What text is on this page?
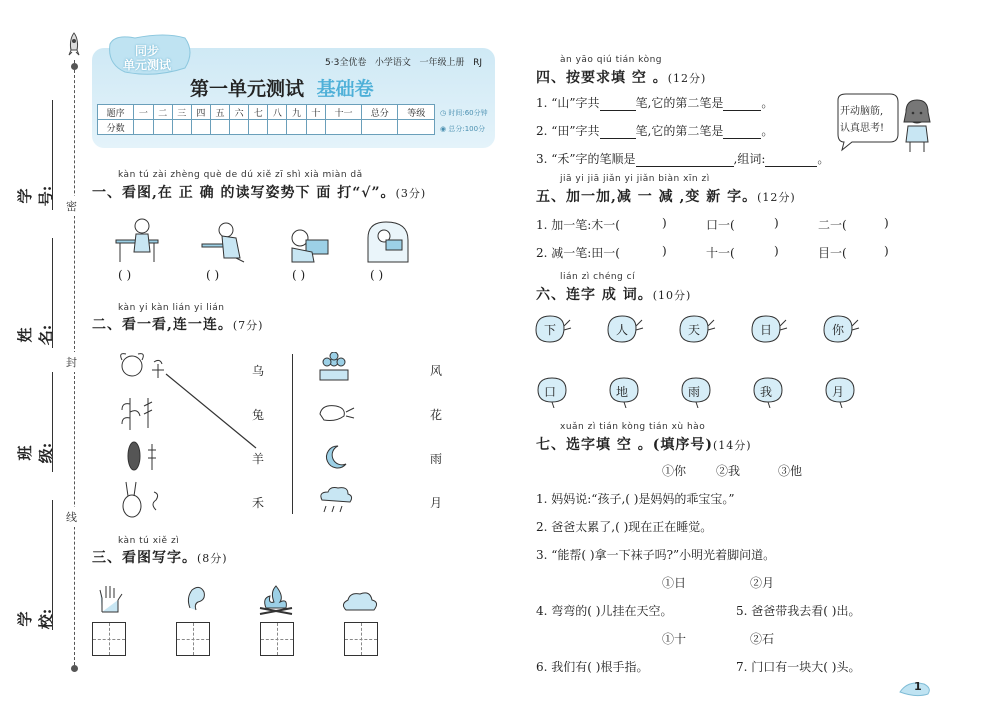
密
封
线
学号:
姓名:
班级:
学校:
同步
单元测试	5·3全优卷 小学语文 一年级上册 RJ
第一单元测试 基础卷
题序	一	二	三	四	五	六	七	八	九	十	十一	总分	等级
分数													
◷ 时间:60分钟
◉ 总分:100分
kàn tú zài zhèng què de dú xiě zī shì xià miàn dǎ
一、看图,在 正 确 的读写姿势下 面 打“√”。(3分)
( )	( )	( )	( )
kàn yi kàn lián yi lián
二、看一看,连一连。(7分)
乌
兔
羊
禾
风
花
雨
月
kàn tú xiě zì
三、看图写字。(8分)
àn yāo qiú tián kòng
四、按要求填 空 。(12分)
1. “山”字共	笔,它的第二笔是	。
2. “田”字共	笔,它的第二笔是	。
3. “禾”字的笔顺是	,组词:	。
开动脑筋,
认真思考!
jiā yi jiā jiǎn yi jiǎn biàn xīn zì
五、加一加,减 一 减 ,变 新 字。(12分)
1. 加一笔:木一(	)	口一(	)	二一(	)
2. 减一笔:田一(	)	十一(	)	目一(	)
lián zì chéng cí
六、连字 成 词。(10分)
下	人	天	日	你
口	地	雨	我	月
xuǎn zì tián kòng tián xù hào
七、选字填 空 。(填序号)(14分)
①你 ②我	③他
1. 妈妈说:“孩子,( )是妈妈的乖宝宝。”
2. 爸爸太累了,( )现在正在睡觉。
3. “能帮( )拿一下袜子吗?”小明光着脚问道。
①日	②月
4. 弯弯的( )儿挂在天空。	5. 爸爸带我去看( )出。
①十	②石
6. 我们有( )根手指。	7. 门口有一块大( )头。
1
